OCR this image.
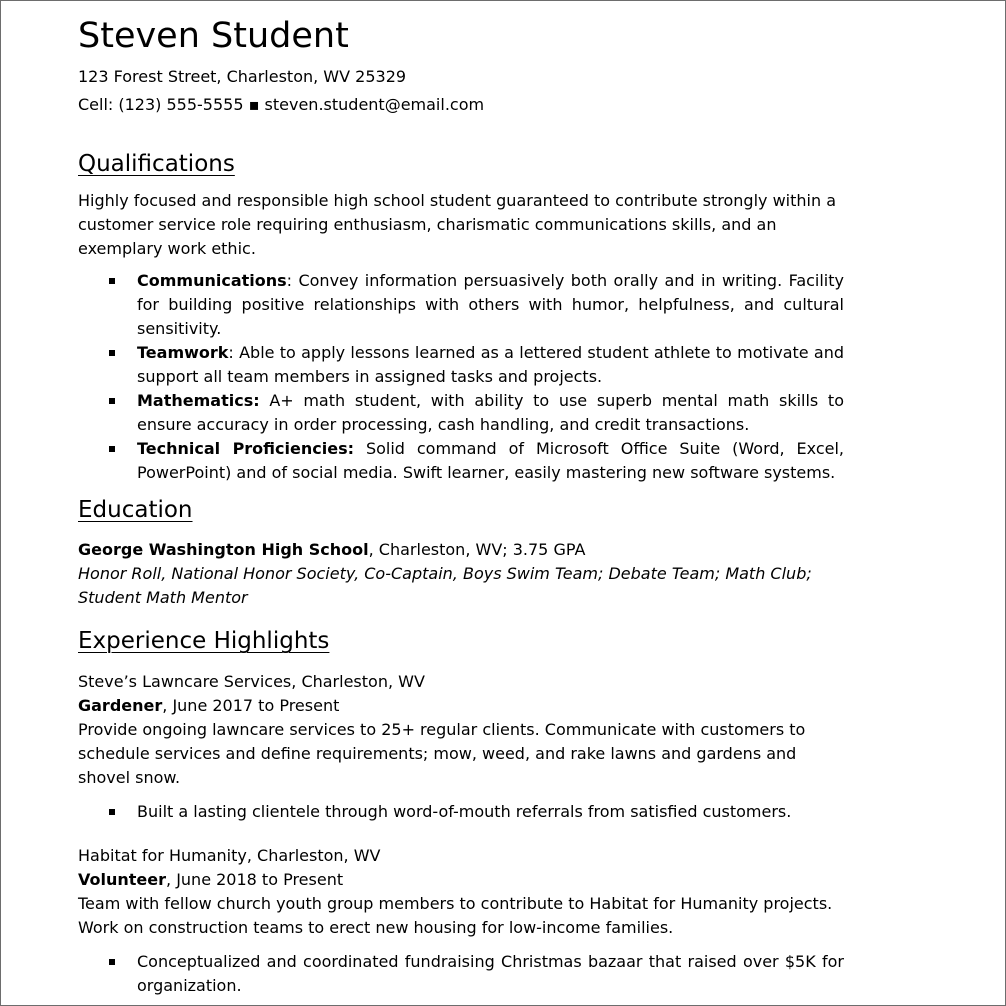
Steven Student
123 Forest Street, Charleston, WV 25329
Cell: (123) 555-5555 ▪ steven.student@email.com
Qualifications

Highly focused and responsible high school student guaranteed to contribute strongly within a customer service role requiring enthusiasm, charismatic communications skills, and an exemplary work ethic.

Communications: Convey information persuasively both orally and in writing. Facility for building positive relationships with others with humor, helpfulness, and cultural sensitivity.
Teamwork: Able to apply lessons learned as a lettered student athlete to motivate and support all team members in assigned tasks and projects.
Mathematics: A+ math student, with ability to use superb mental math skills to ensure accuracy in order processing, cash handling, and credit transactions.
Technical Proficiencies: Solid command of Microsoft Office Suite (Word, Excel, PowerPoint) and of social media. Swift learner, easily mastering new software systems.
Education

George Washington High School, Charleston, WV; 3.75 GPA

Honor Roll, National Honor Society, Co-Captain, Boys Swim Team; Debate Team; Math Club; Student Math Mentor

Experience Highlights

Steve’s Lawncare Services, Charleston, WV

Gardener, June 2017 to Present

Provide ongoing lawncare services to 25+ regular clients. Communicate with customers to schedule services and define requirements; mow, weed, and rake lawns and gardens and shovel snow.

Built a lasting clientele through word-of-mouth referrals from satisfied customers.

Habitat for Humanity, Charleston, WV

Volunteer, June 2018 to Present

Team with fellow church youth group members to contribute to Habitat for Humanity projects. Work on construction teams to erect new housing for low-income families.

Conceptualized and coordinated fundraising Christmas bazaar that raised over $5K for organization.
